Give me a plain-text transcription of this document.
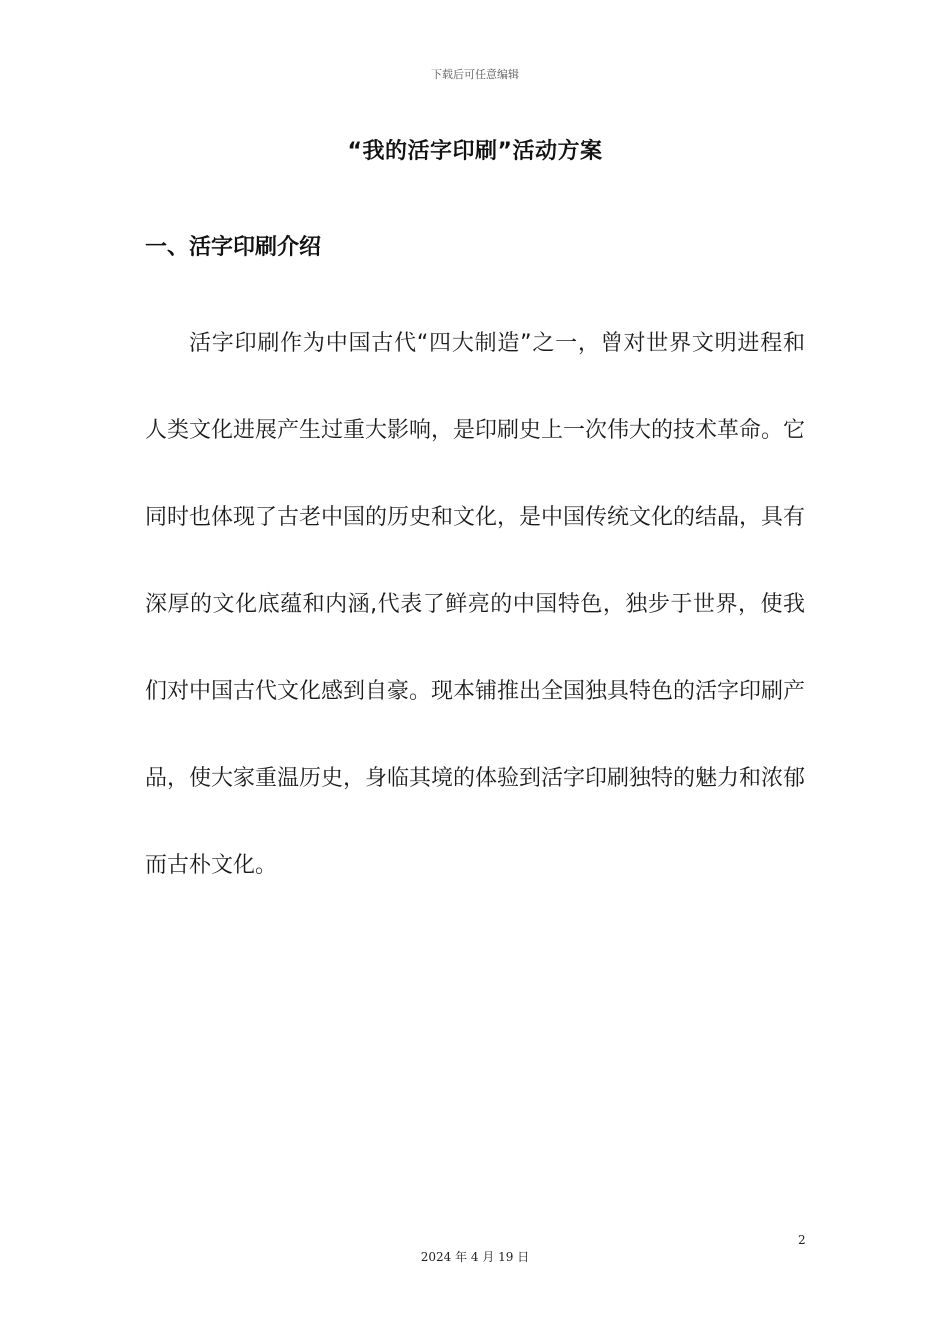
下载后可任意编辑
“我的活字印刷”活动方案
一、活字印刷介绍

活字印刷作为中国古代“四大制造”之一，曾对世界文明进程和人类文化进展产生过重大影响，是印刷史上一次伟大的技术革命。它同时也体现了古老中国的历史和文化，是中国传统文化的结晶，具有深厚的文化底蕴和内涵,代表了鲜亮的中国特色，独步于世界，使我们对中国古代文化感到自豪。现本铺推出全国独具特色的活字印刷产品，使大家重温历史，身临其境的体验到活字印刷独特的魅力和浓郁而古朴文化。

2
2024 年 4 月 19 日
